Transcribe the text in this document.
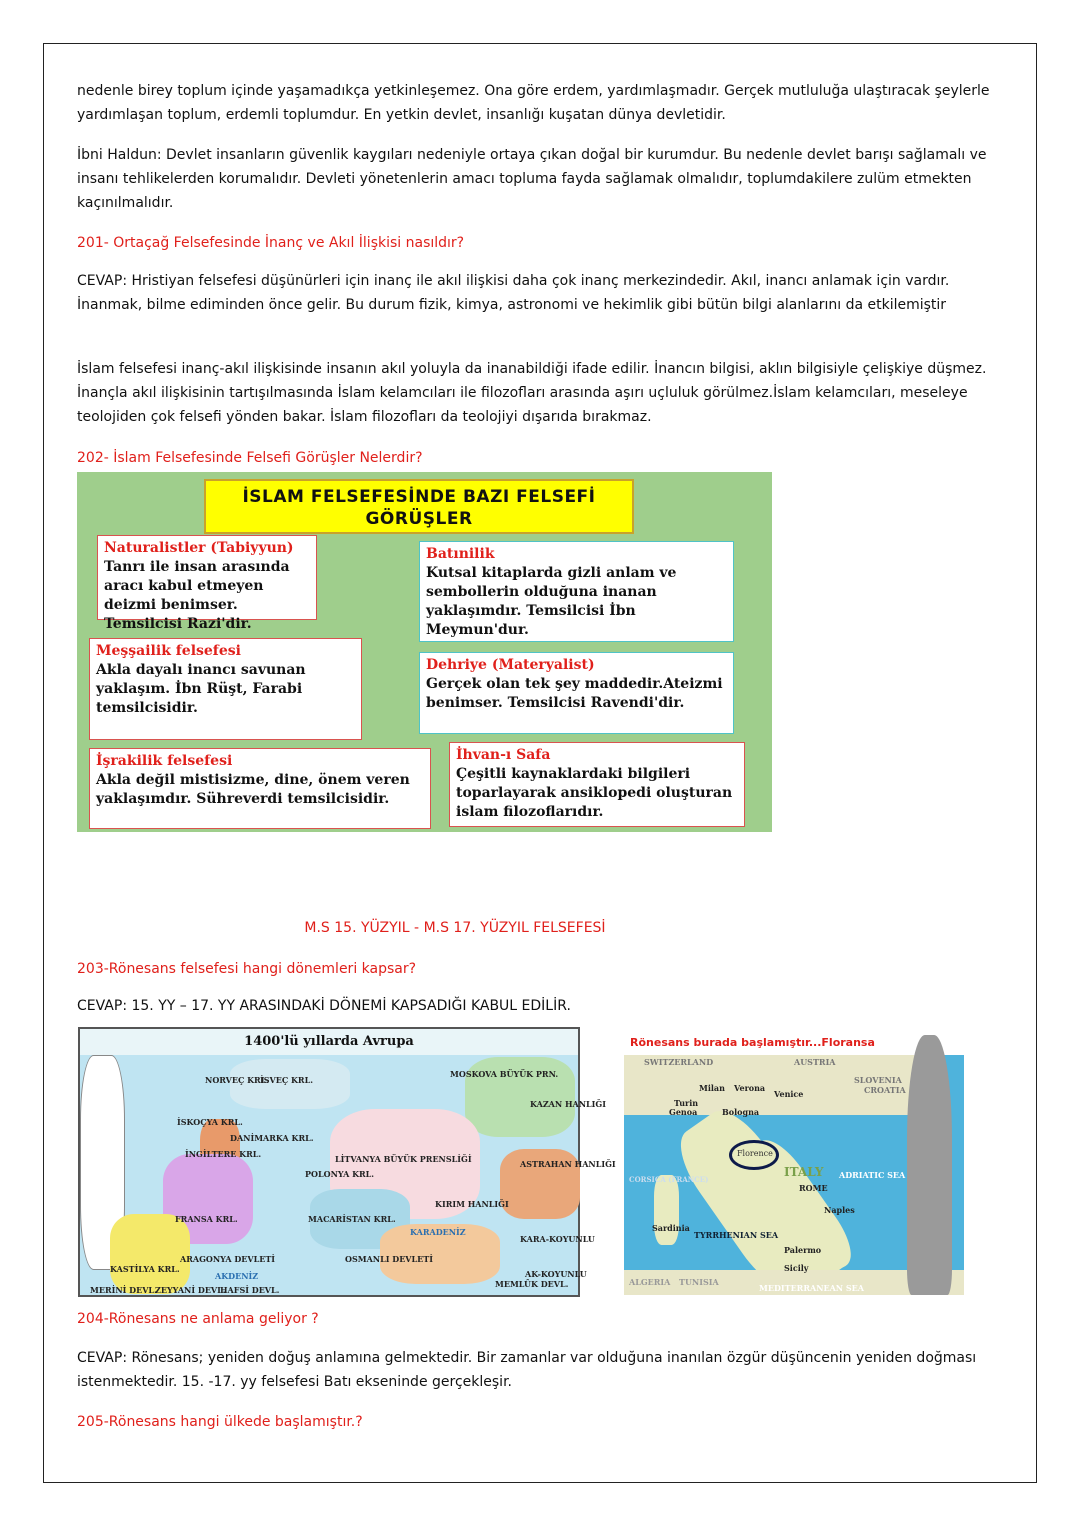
nedenle birey toplum içinde yaşamadıkça yetkinleşemez. Ona göre erdem, yardımlaşmadır. Gerçek mutluluğa ulaştıracak şeylerle yardımlaşan toplum, erdemli toplumdur. En yetkin devlet, insanlığı kuşatan dünya devletidir.

İbni Haldun: Devlet insanların güvenlik kaygıları nedeniyle ortaya çıkan doğal bir kurumdur. Bu nedenle devlet barışı sağlamalı ve insanı tehlikelerden korumalıdır. Devleti yönetenlerin amacı topluma fayda sağlamak olmalıdır, toplumdakilere zulüm etmekten kaçınılmalıdır.

201- Ortaçağ Felsefesinde İnanç ve Akıl İlişkisi nasıldır?

CEVAP: Hristiyan felsefesi düşünürleri için inanç ile akıl ilişkisi daha çok inanç merkezindedir. Akıl, inancı anlamak için vardır. İnanmak, bilme ediminden önce gelir. Bu durum fizik, kimya, astronomi ve hekimlik gibi bütün bilgi alanlarını da etkilemiştir

İslam felsefesi inanç-akıl ilişkisinde insanın akıl yoluyla da inanabildiği ifade edilir. İnancın bilgisi, aklın bilgisiyle çelişkiye düşmez. İnançla akıl ilişkisinin tartışılmasında İslam kelamcıları ile filozofları arasında aşırı uçluluk görülmez.İslam kelamcıları, meseleye teolojiden çok felsefi yönden bakar. İslam filozofları da teolojiyi dışarıda bırakmaz.

202- İslam Felsefesinde Felsefi Görüşler Nelerdir?

İSLAM FELSEFESİNDE BAZI FELSEFİ GÖRÜŞLER
Naturalistler (Tabiyyun) Tanrı ile insan arasında aracı kabul etmeyen deizmi benimser. Temsilcisi Razi'dir.
Batınilik
Kutsal kitaplarda gizli anlam ve sembollerin olduğuna inanan yaklaşımdır. Temsilcisi İbn Meymun'dur.
Meşşailik felsefesi
Akla dayalı inancı savunan yaklaşım. İbn Rüşt, Farabi temsilcisidir.
Dehriye (Materyalist)
Gerçek olan tek şey maddedir.Ateizmi benimser. Temsilcisi Ravendi'dir.
İşrakilik felsefesi
Akla değil mistisizme, dine, önem veren yaklaşımdır. Sühreverdi temsilcisidir.
İhvan-ı Safa
Çeşitli kaynaklardaki bilgileri toparlayarak ansiklopedi oluşturan islam filozoflarıdır.

M.S 15. YÜZYIL - M.S 17. YÜZYIL FELSEFESİ

203-Rönesans felsefesi hangi dönemleri kapsar?

CEVAP: 15. YY – 17. YY ARASINDAKİ DÖNEMİ KAPSADIĞI KABUL EDİLİR.

1400'lü yıllarda Avrupa
NORVEÇ KRL.
İSVEÇ KRL.
MOSKOVA BÜYÜK PRN.
KAZAN HANLIĞI
İSKOÇYA KRL.
DANİMARKA KRL.
İNGİLTERE KRL.	LİTVANYA BÜYÜK PRENSLİĞİ	ASTRAHAN HANLIĞI
POLONYA KRL.
FRANSA KRL.	MACARİSTAN KRL.
KIRIM HANLIĞI
KASTİLYA KRL.
ARAGONYA DEVLETİ	OSMANLI DEVLETİ
KARA-KOYUNLU
AK-KOYUNLU
AKDENİZ
KARADENİZ
MEMLÛK DEVL.
ZEYYANİ DEVL.
HAFSİ DEVL.
MERİNİ DEVL.
Rönesans burada başlamıştır...Floransa
SWITZERLAND	AUSTRIA
SLOVENIA
CROATIA
Milan Verona
Venice
Turin
Genoa	Bologna
Florence
ITALY
ROME
ADRIATIC SEA
CORSICA (FRANCE)
Sardinia
TYRRHENIAN SEA
Naples
Palermo
Sicily
ALGERIA TUNISIA
MEDITERRANEAN SEA

204-Rönesans ne anlama geliyor ?

CEVAP: Rönesans; yeniden doğuş anlamına gelmektedir. Bir zamanlar var olduğuna inanılan özgür düşüncenin yeniden doğması istenmektedir. 15. -17. yy felsefesi Batı ekseninde gerçekleşir.

205-Rönesans hangi ülkede başlamıştır.?
